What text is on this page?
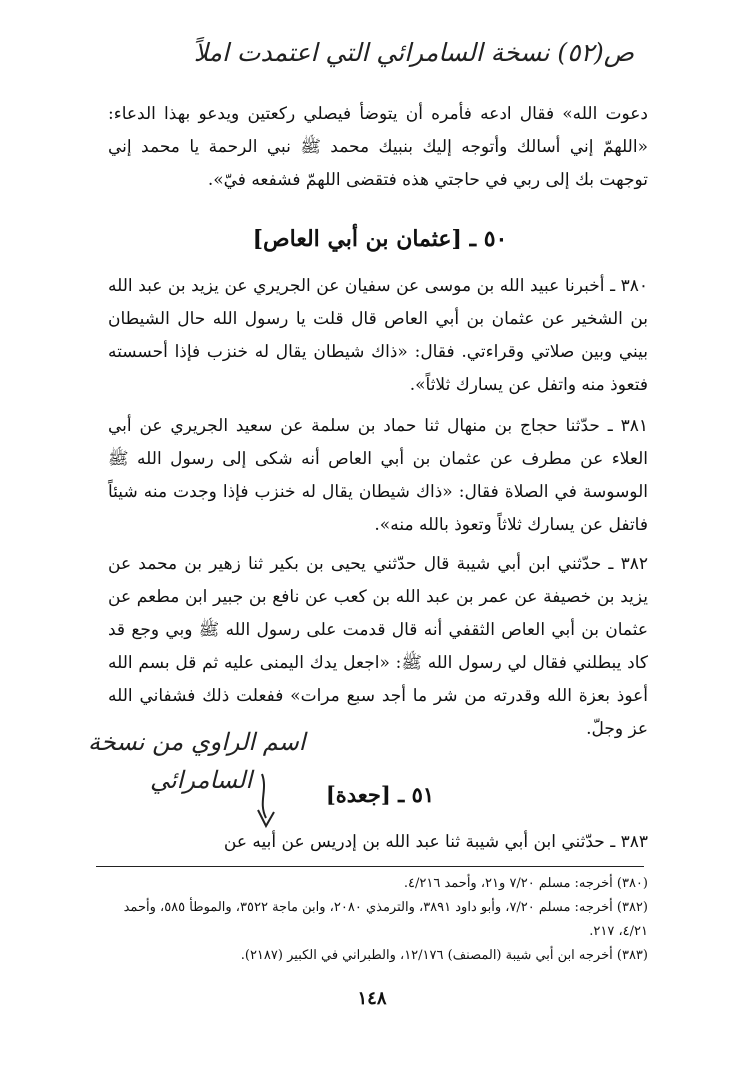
ص(٥٢) نسخة السامرائي التي اعتمدت املاً
دعوت الله» فقال ادعه فأمره أن يتوضأ فيصلي ركعتين ويدعو بهذا الدعاء: «اللهمّ إني أسالك وأتوجه إليك بنبيك محمد ﷺ نبي الرحمة يا محمد إني توجهت بك إلى ربي في حاجتي هذه فتقضى اللهمّ فشفعه فيّ».
٥٠ ـ [عثمان بن أبي العاص]
٣٨٠ ـ أخبرنا عبيد الله بن موسى عن سفيان عن الجريري عن يزيد بن عبد الله بن الشخير عن عثمان بن أبي العاص قال قلت يا رسول الله حال الشيطان بيني وبين صلاتي وقراءتي. فقال: «ذاك شيطان يقال له خنزب فإذا أحسسته فتعوذ منه واتفل عن يسارك ثلاثاً».
٣٨١ ـ حدّثنا حجاج بن منهال ثنا حماد بن سلمة عن سعيد الجريري عن أبي العلاء عن مطرف عن عثمان بن أبي العاص أنه شكى إلى رسول الله ﷺ الوسوسة في الصلاة فقال: «ذاك شيطان يقال له خنزب فإذا وجدت منه شيئاً فاتفل عن يسارك ثلاثاً وتعوذ بالله منه».
٣٨٢ ـ حدّثني ابن أبي شيبة قال حدّثني يحيى بن بكير ثنا زهير بن محمد عن يزيد بن خصيفة عن عمر بن عبد الله بن كعب عن نافع بن جبير ابن مطعم عن عثمان بن أبي العاص الثقفي أنه قال قدمت على رسول الله ﷺ وبي وجع قد كاد يبطلني فقال لي رسول الله ﷺ: «اجعل يدك اليمنى عليه ثم قل بسم الله أعوذ بعزة الله وقدرته من شر ما أجد سبع مرات» ففعلت ذلك فشفاني الله عز وجلّ.
اسم الراوي من نسخة
السامرائي
٥١ ـ [جعدة]
٣٨٣ ـ حدّثني ابن أبي شيبة ثنا عبد الله بن إدريس عن أبيه عن
(٣٨٠) أخرجه: مسلم ٧/٢٠ و٢١، وأحمد ٤/٢١٦.
(٣٨٢) أخرجه: مسلم ٧/٢٠، وأبو داود ٣٨٩١، والترمذي ٢٠٨٠، وابن ماجة ٣٥٢٢، والموطأ ٥٨٥، وأحمد ٤/٢١، ٢١٧.
(٣٨٣) أخرجه ابن أبي شيبة (المصنف) ١٢/١٧٦، والطبراني في الكبير (٢١٨٧).
١٤٨
